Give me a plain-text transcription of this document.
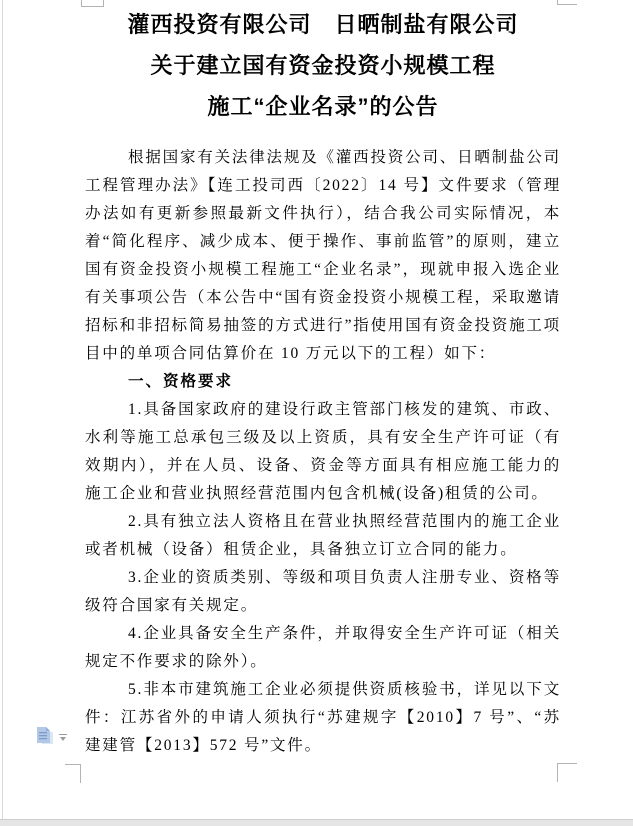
灌西投资有限公司　日晒制盐有限公司
关于建立国有资金投资小规模工程
施工“企业名录”的公告

根据国家有关法律法规及《灌西投资公司、日晒制盐公司工程管理办法》【连工投司西〔2022〕14 号】文件要求（管理办法如有更新参照最新文件执行），结合我公司实际情况，本着“简化程序、减少成本、便于操作、事前监管”的原则，建立国有资金投资小规模工程施工“企业名录”，现就申报入选企业有关事项公告（本公告中“国有资金投资小规模工程，采取邀请招标和非招标简易抽签的方式进行”指使用国有资金投资施工项目中的单项合同估算价在 10 万元以下的工程）如下：

一、资格要求

1.具备国家政府的建设行政主管部门核发的建筑、市政、水利等施工总承包三级及以上资质，具有安全生产许可证（有效期内），并在人员、设备、资金等方面具有相应施工能力的施工企业和营业执照经营范围内包含机械(设备)租赁的公司。

2.具有独立法人资格且在营业执照经营范围内的施工企业或者机械（设备）租赁企业，具备独立订立合同的能力。

3.企业的资质类别、等级和项目负责人注册专业、资格等级符合国家有关规定。

4.企业具备安全生产条件，并取得安全生产许可证（相关规定不作要求的除外）。

5.非本市建筑施工企业必须提供资质核验书，详见以下文件：江苏省外的申请人须执行“苏建规字【2010】7 号”、“苏建建管【2013】572 号”文件。
